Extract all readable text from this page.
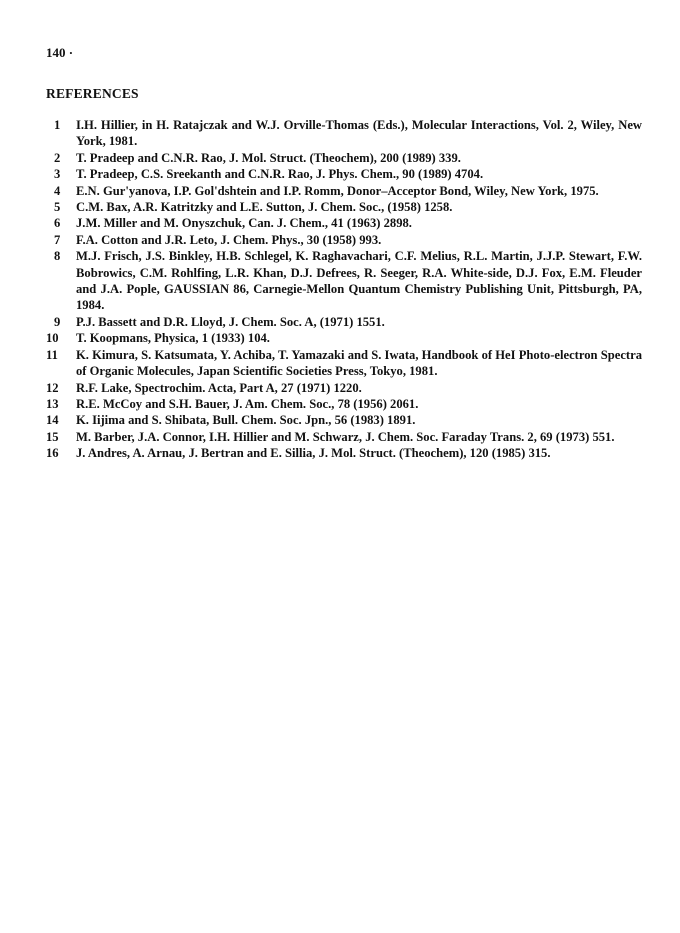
140 ·
REFERENCES
1	I.H. Hillier, in H. Ratajczak and W.J. Orville-Thomas (Eds.), Molecular Interactions, Vol. 2, Wiley, New York, 1981.
2	T. Pradeep and C.N.R. Rao, J. Mol. Struct. (Theochem), 200 (1989) 339.
3	T. Pradeep, C.S. Sreekanth and C.N.R. Rao, J. Phys. Chem., 90 (1989) 4704.
4	E.N. Gur'yanova, I.P. Gol'dshtein and I.P. Romm, Donor–Acceptor Bond, Wiley, New York, 1975.
5	C.M. Bax, A.R. Katritzky and L.E. Sutton, J. Chem. Soc., (1958) 1258.
6	J.M. Miller and M. Onyszchuk, Can. J. Chem., 41 (1963) 2898.
7	F.A. Cotton and J.R. Leto, J. Chem. Phys., 30 (1958) 993.
8	M.J. Frisch, J.S. Binkley, H.B. Schlegel, K. Raghavachari, C.F. Melius, R.L. Martin, J.J.P. Stewart, F.W. Bobrowics, C.M. Rohlfing, L.R. Khan, D.J. Defrees, R. Seeger, R.A. White-side, D.J. Fox, E.M. Fleuder and J.A. Pople, GAUSSIAN 86, Carnegie-Mellon Quantum Chemistry Publishing Unit, Pittsburgh, PA, 1984.
9	P.J. Bassett and D.R. Lloyd, J. Chem. Soc. A, (1971) 1551.
10	T. Koopmans, Physica, 1 (1933) 104.
11	K. Kimura, S. Katsumata, Y. Achiba, T. Yamazaki and S. Iwata, Handbook of HeI Photo-electron Spectra of Organic Molecules, Japan Scientific Societies Press, Tokyo, 1981.
12	R.F. Lake, Spectrochim. Acta, Part A, 27 (1971) 1220.
13	R.E. McCoy and S.H. Bauer, J. Am. Chem. Soc., 78 (1956) 2061.
14	K. Iijima and S. Shibata, Bull. Chem. Soc. Jpn., 56 (1983) 1891.
15	M. Barber, J.A. Connor, I.H. Hillier and M. Schwarz, J. Chem. Soc. Faraday Trans. 2, 69 (1973) 551.
16	J. Andres, A. Arnau, J. Bertran and E. Sillia, J. Mol. Struct. (Theochem), 120 (1985) 315.
